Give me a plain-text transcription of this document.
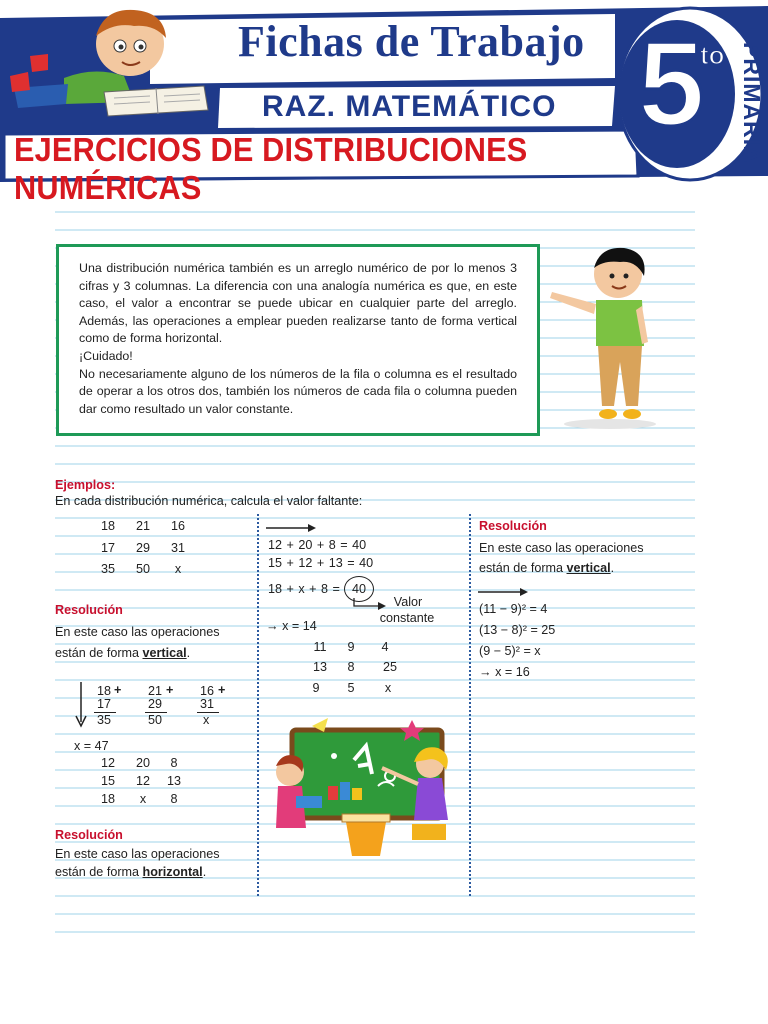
Fichas de Trabajo
RAZ. MATEMÁTICO
EJERCICIOS DE DISTRIBUCIONES NUMÉRICAS
5
to PRIMARIA

Una distribución numérica también es un arreglo numérico de por lo menos 3 cifras y 3 columnas. La diferencia con una analogía numérica es que, en este caso, el valor a encontrar se puede ubicar en cualquier parte del arreglo. Además, las operaciones a emplear pueden realizarse tanto de forma vertical como de forma horizontal.

¡Cuidado!

No necesariamente alguno de los números de la fila o columna es el resultado de operar a los otros dos, también los números de cada fila o columna pueden dar como resultado un valor constante.

Ejemplos:
En cada distribución numérica, calcula el valor faltante:
18	21	16
17	29	31
35	50	x
Resolución
En este caso las operaciones
están de forma vertical.
18 + 21 + 16 +
17	29	31
35	50	x
x = 47
12	20	8
15	12	13
18	x	8
Resolución
En este caso las operaciones
están de forma horizontal.
12 + 20 + 8 = 40
15 + 12 + 13 = 40
18 + x + 8 = 40
Valor
constante
→ x = 14
11	9	4
13	8	25
9	5	x
Resolución
En este caso las operaciones
están de forma vertical.
(11 − 9)² = 4
(13 − 8)² = 25
(9 − 5)² = x
→ x = 16
